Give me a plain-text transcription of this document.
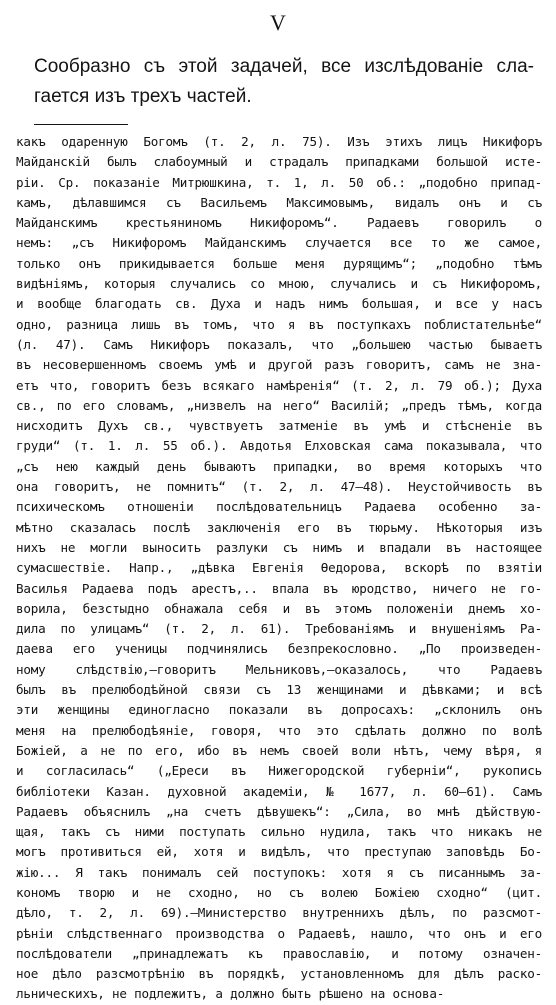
V
Сообразно съ этой задачей, все изслѣдованіе сла-
гается изъ трехъ частей.
какъ одаренную Богомъ (т. 2, л. 75). Изъ этихъ лицъ Никифоръ
Майданскій былъ слабоумный и страдалъ припадками большой истe-
ріи. Ср. показаніе Митрюшкина, т. 1, л. 50 об.: „подобно припад-
камъ, дѣлавшимся съ Васильемъ Максимовымъ, видалъ онъ и съ
Майданскимъ крестьяниномъ Никифоромъ“. Радаевъ говорилъ о
немъ: „съ Никифоромъ Майданскимъ случается все то же самое,
только онъ прикидывается больше меня дурящимъ“; „подобно тѣмъ
видѣніямъ, которыя случались со мною, случались и съ Никифоромъ,
и вообще благодать св. Духа и надъ нимъ большая, и все у насъ
одно, разница лишь въ томъ, что я въ поступкахъ поблистательнѣе“
(л. 47). Самъ Никифоръ показалъ, что „большею частью бываетъ
въ несовершенномъ своемъ умѣ и другой разъ говоритъ, самъ не зна-
етъ что, говоритъ безъ всякаго намѣренія“ (т. 2, л. 79 об.); Духа
св., по его словамъ, „низвелъ на него“ Василій; „предъ тѣмъ, когда
нисходитъ Духъ св., чувствуетъ затменіе въ умѣ и стѣсненіе въ
груди“ (т. 1. л. 55 об.). Авдотья Елховская сама показывала, что
„съ нею каждый день бываютъ припадки, во время которыхъ что
она говоритъ, не помнитъ“ (т. 2, л. 47—48). Неустойчивость въ
психическомъ отношеніи послѣдовательницъ Радаева особенно за-
мѣтно сказалась послѣ заключенія его въ тюрьму. Нѣкоторыя изъ
нихъ не могли выносить разлуки съ нимъ и впадали въ настоящее
сумасшествіе. Напр., „дѣвка Евгенія Ѳедорова, вскорѣ по взятіи
Василья Радаева подъ арестъ,.. впала въ юродство, ничего не го-
ворила, безстыдно обнажала себя и въ этомъ положеніи днемъ хо-
дила по улицамъ“ (т. 2, л. 61). Требованіямъ и внушеніямъ Ра-
даева его ученицы подчинялись безпрекословно. „По произведен-
ному слѣдствію,—говоритъ Мельниковъ,—оказалось, что Радаевъ
былъ въ прелюбодѣйной связи съ 13 женщинами и дѣвками; и всѣ
эти женщины единогласно показали въ допросахъ: „склонилъ онъ
меня на прелюбодѣяніе, говоря, что это сдѣлать должно по волѣ
Божіей, а не по его, ибо въ немъ своей воли нѣтъ, чему вѣря, я
и согласилась“ („Ереси въ Нижегородской губерніи“, рукопись
библіотеки Казан. духовной академіи, № 1677, л. 60—61). Самъ
Радаевъ объяснилъ „на счетъ дѣвушекъ“: „Сила, во мнѣ дѣйствую-
щая, такъ съ ними поступать сильно нудила, такъ что никакъ не
могъ противиться ей, хотя и видѣлъ, что преступаю заповѣдь Бо-
жію... Я такъ понималъ сей поступокъ: хотя я съ писаннымъ за-
кономъ творю и не сходно, но съ волею Божіею сходно“ (цит.
дѣло, т. 2, л. 69).—Министерство внутреннихъ дѣлъ, по разсмот-
рѣніи слѣдственнаго производства о Радаевѣ, нашло, что онъ и его
послѣдователи „принадлежатъ къ православію, и потому означен-
ное дѣло разсмотрѣнію въ порядкѣ, установленномъ для дѣлъ раско-
льническихъ, не подлежитъ, а должно быть рѣшено на основа-
